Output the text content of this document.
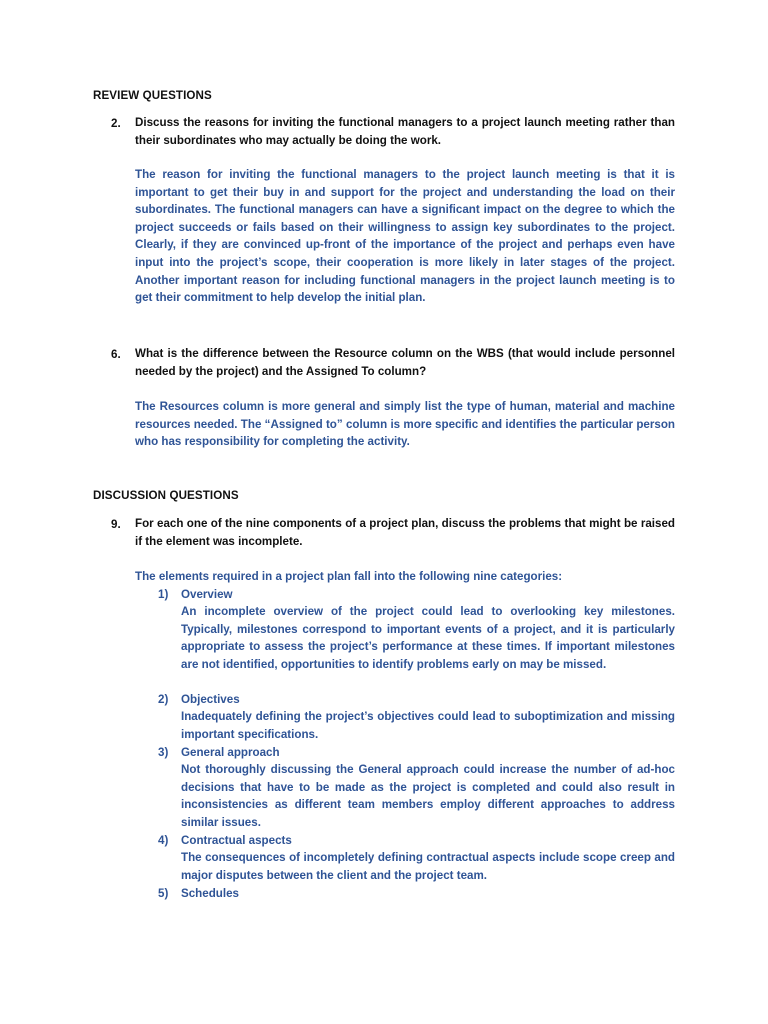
REVIEW QUESTIONS
2. Discuss the reasons for inviting the functional managers to a project launch meeting rather than their subordinates who may actually be doing the work.
The reason for inviting the functional managers to the project launch meeting is that it is important to get their buy in and support for the project and understanding the load on their subordinates. The functional managers can have a significant impact on the degree to which the project succeeds or fails based on their willingness to assign key subordinates to the project. Clearly, if they are convinced up-front of the importance of the project and perhaps even have input into the project’s scope, their cooperation is more likely in later stages of the project. Another important reason for including functional managers in the project launch meeting is to get their commitment to help develop the initial plan.
6. What is the difference between the Resource column on the WBS (that would include personnel needed by the project) and the Assigned To column?
The Resources column is more general and simply list the type of human, material and machine resources needed. The “Assigned to” column is more specific and identifies the particular person who has responsibility for completing the activity.
DISCUSSION QUESTIONS
9. For each one of the nine components of a project plan, discuss the problems that might be raised if the element was incomplete.
The elements required in a project plan fall into the following nine categories:
1) Overview
An incomplete overview of the project could lead to overlooking key milestones. Typically, milestones correspond to important events of a project, and it is particularly appropriate to assess the project’s performance at these times. If important milestones are not identified, opportunities to identify problems early on may be missed.
2) Objectives
Inadequately defining the project’s objectives could lead to suboptimization and missing important specifications.
3) General approach
Not thoroughly discussing the General approach could increase the number of ad-hoc decisions that have to be made as the project is completed and could also result in inconsistencies as different team members employ different approaches to address similar issues.
4) Contractual aspects
The consequences of incompletely defining contractual aspects include scope creep and major disputes between the client and the project team.
5) Schedules
